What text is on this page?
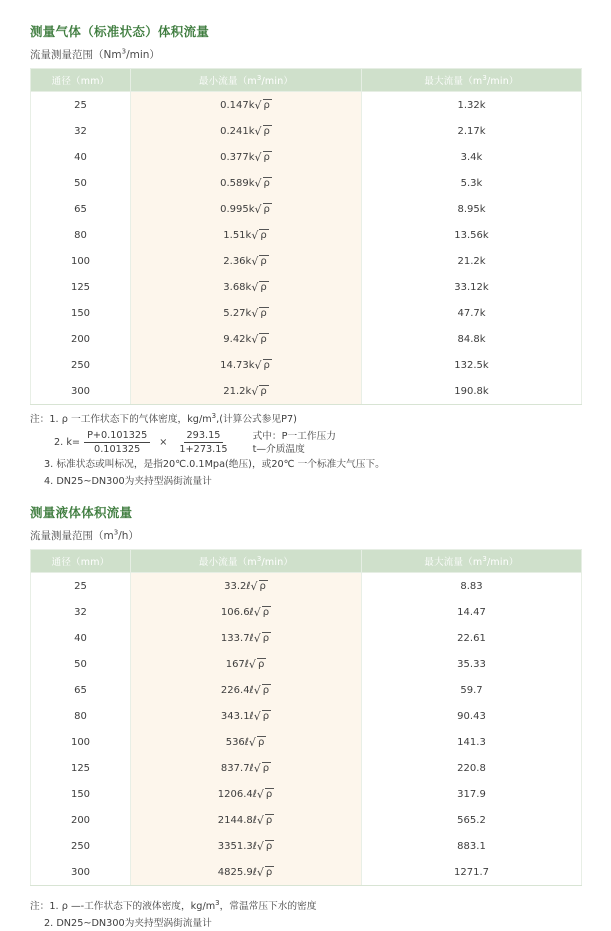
测量气体（标准状态）体积流量
流量测量范围（Nm$^3$/min）
通径（mm）	最小流量$(m^3/\min)$	最大流量$(m^3/\min)$
25	0.147k√ ρ	1.32k
32	0.241k√ ρ	2.17k
40	0.377k√ ρ	3.4k
50	0.589k√ ρ	5.3k
65	0.995k√ ρ	8.95k
80	1.51k√ ρ	13.56k
100	2.36k√ ρ	21.2k
125	3.68k√ ρ	33.12k
150	5.27k√ ρ	47.7k
200	9.42k√ ρ	84.8k
250	14.73k√ ρ	132.5k
300	21.2k√ ρ	190.8k
注：1. ρ 一工作状态下的气体密度，$kg/m^3$,(计算公式参见P7)
2. $k= \frac{P+0.101325}{0.101325} \times \frac{293.15}{1+273.15}$ 式中：P一工作压力
t—介质温度
3. 标准状态或叫标况，是指20℃.0.1Mpa(绝压)，或20℃ 一个标准大气压下。
4. DN25~DN300为夹持型涡街流量计
测量液体体积流量
流量测量范围$(m^3/h)$
通径（mm）	最小流量$(m^3/\min)$	最大流量$(m^3/\min)$
25	33.2ℓ√ ρ	8.83
32	106.6ℓ√ ρ	14.47
40	133.7ℓ√ ρ	22.61
50	167ℓ√ ρ	35.33
65	226.4ℓ√ ρ	59.7
80	343.1ℓ√ ρ	90.43
100	536ℓ√ ρ	141.3
125	837.7ℓ√ ρ	220.8
150	1206.4ℓ√ ρ	317.9
200	2144.8ℓ√ ρ	565.2
250	3351.3ℓ√ ρ	883.1
300	4825.9ℓ√ ρ	1271.7
注：1. ρ —-工作状态下的液体密度，$kg/m^3$，常温常压下水的密度
2. DN25~DN300为夹持型涡街流量计
